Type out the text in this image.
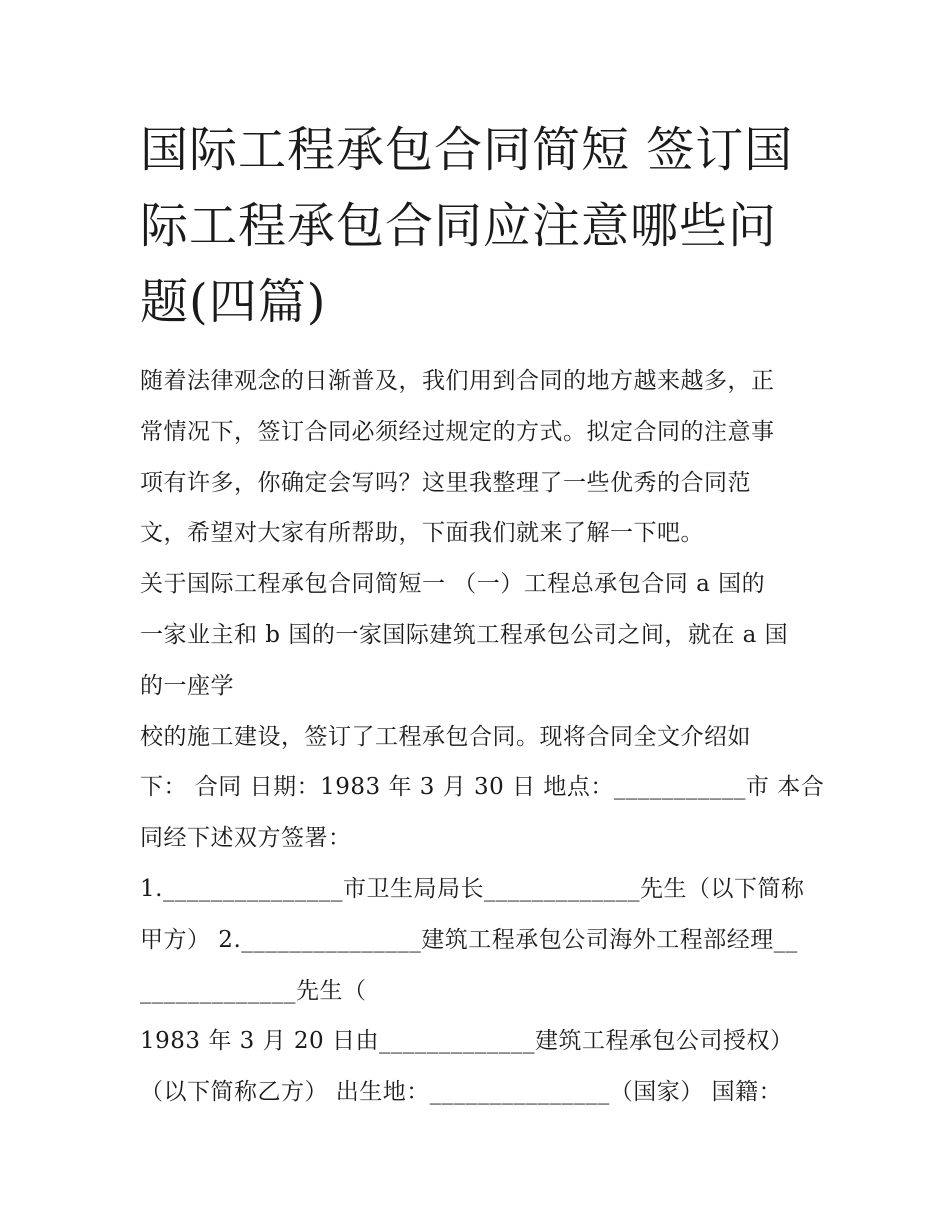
国际工程承包合同简短 签订国
际工程承包合同应注意哪些问
题(四篇)
随着法律观念的日渐普及，我们用到合同的地方越来越多，正
常情况下，签订合同必须经过规定的方式。拟定合同的注意事
项有许多，你确定会写吗？这里我整理了一些优秀的合同范
文，希望对大家有所帮助，下面我们就来了解一下吧。
关于国际工程承包合同简短一 （一）工程总承包合同 a 国的
一家业主和 b 国的一家国际建筑工程承包公司之间，就在 a 国
的一座学
校的施工建设，签订了工程承包合同。现将合同全文介绍如
下： 合同 日期：1983 年 3 月 30 日 地点：___________市 本合
同经下述双方签署：
1._______________市卫生局局长_____________先生（以下简称
甲方） 2._______________建筑工程承包公司海外工程部经理__
_____________先生（
1983 年 3 月 20 日由_____________建筑工程承包公司授权）
（以下简称乙方） 出生地：_______________（国家） 国籍：
